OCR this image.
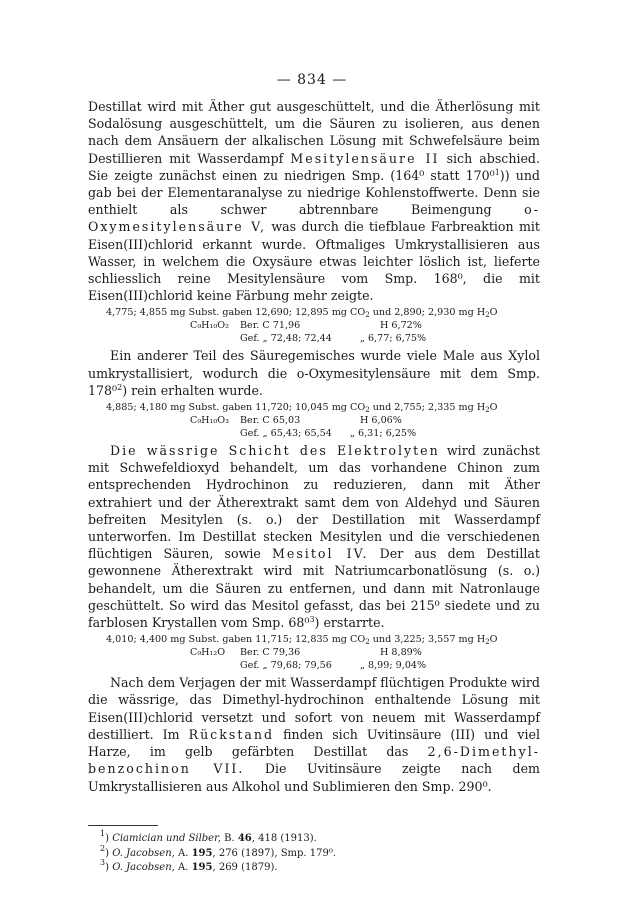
— 834 —

Destillat wird mit Äther gut ausgeschüttelt, und die Ätherlösung mit Sodalösung ausgeschüttelt, um die Säuren zu isolieren, aus denen nach dem Ansäuern der alkalischen Lösung mit Schwefelsäure beim Destillieren mit Wasserdampf Mesitylensäure II sich abschied. Sie zeigte zunächst einen zu niedrigen Smp. (164⁰ statt 170⁰$^1$)) und gab bei der Elementaranalyse zu niedrige Kohlenstoffwerte. Denn sie enthielt als schwer abtrennbare Beimengung	o-Oxymesitylensäure V, was durch die tiefblaue Farbreaktion mit Eisen(III)chlorid erkannt wurde. Oftmaliges Umkrystallisieren aus Wasser, in welchem die Oxysäure etwas leichter löslich ist, lieferte schliesslich reine Mesitylensäure vom Smp. 168⁰, die mit Eisen(III)chlorid keine Färbung mehr zeigte.

4,775; 4,855 mg Subst. gaben 12,690; 12,895 mg $CO_2$ und 2,890; 2,930 mg $H_2O$
C₉H₁₀O₂ Ber. C 71,96	H 6,72%
Gef. „ 72,48; 72,44	„ 6,77; 6,75%

Ein anderer Teil des Säuregemisches wurde viele Male aus Xylol umkrystallisiert, wodurch die o-Oxymesitylensäure mit dem Smp. 178⁰$^2$) rein erhalten wurde.

4,885; 4,180 mg Subst. gaben 11,720; 10,045 mg $CO_2$ und 2,755; 2,335 mg $H_2O$
C₉H₁₀O₃ Ber. C 65,03	H 6,06%
Gef. „ 65,43; 65,54 „ 6,31; 6,25%

Die wässrige Schicht des Elektrolyten wird zunächst mit Schwefeldioxyd behandelt, um das vorhandene Chinon zum entsprechenden Hydrochinon zu reduzieren, dann mit Äther extrahiert und der Ätherextrakt samt dem von Aldehyd und Säuren befreiten Mesitylen (s. o.) der Destillation mit Wasserdampf unterworfen. Im Destillat stecken Mesitylen und die verschiedenen flüchtigen Säuren, sowie Mesitol IV. Der aus dem Destillat gewonnene Ätherextrakt wird mit Natriumcarbonatlösung (s. o.) behandelt, um die Säuren zu entfernen, und dann mit Natronlauge geschüttelt. So wird das Mesitol gefasst, das bei 215⁰ siedete und zu farblosen Krystallen vom Smp. 68⁰$^3$) erstarrte.

4,010; 4,400 mg Subst. gaben 11,715; 12,835 mg $CO_2$ und 3,225; 3,557 mg $H_2O$
C₉H₁₂O Ber. C 79,36	H 8,89%
Gef. „ 79,68; 79,56	„ 8,99; 9,04%

Nach dem Verjagen der mit Wasserdampf flüchtigen Produkte wird die wässrige, das Dimethyl-hydrochinon enthaltende Lösung mit Eisen(III)chlorid versetzt und sofort von neuem mit Wasserdampf destilliert. Im Rückstand finden sich Uvitinsäure (III) und viel Harze, im gelb gefärbten Destillat das 2,6-Dimethyl-benzochinon VII. Die Uvitinsäure zeigte nach dem Umkrystallisieren aus Alkohol und Sublimieren den Smp. 290⁰.

$^1$) Ciamician und Silber, B. 46, 418 (1913).
$^2$) O. Jacobsen, A. 195, 276 (1897), Smp. 179⁰.
$^3$) O. Jacobsen, A. 195, 269 (1879).
